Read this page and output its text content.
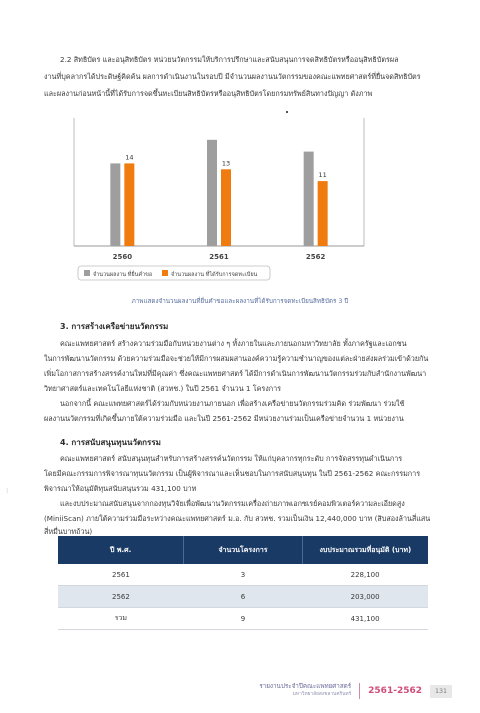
2.2 สิทธิบัตร และอนุสิทธิบัตร หน่วยนวัตกรรมให้บริการปรึกษาและสนับสนุนการจดสิทธิบัตรหรืออนุสิทธิบัตรผล

งานที่บุคลากรได้ประดิษฐ์คิดค้น ผลการดำเนินงานในรอบปี มีจำนวนผลงานนวัตกรรมของคณะแพทยศาสตร์ที่ยื่นจดสิทธิบัตร

และผลงานก่อนหน้านี้ที่ได้รับการจดขึ้นทะเบียนสิทธิบัตรหรืออนุสิทธิบัตรโดยกรมทรัพย์สินทางปัญญา ดังภาพ

14
2560
13
2561
11
2562
จำนวนผลงาน ที่ยื่นคำขอ	จำนวนผลงาน ที่ได้รับการจดทะเบียน
ภาพแสดงจำนวนผลงานที่ยื่นคำขอและผลงานที่ได้รับการจดทะเบียนสิทธิบัตร 3 ปี
3. การสร้างเครือข่ายนวัตกรรม

คณะแพทยศาสตร์ สร้างความร่วมมือกับหน่วยงานต่าง ๆ ทั้งภายในและภายนอกมหาวิทยาลัย ทั้งภาครัฐและเอกชน

ในการพัฒนานวัตกรรม ด้วยความร่วมมือจะช่วยให้มีการผสมผสานองค์ความรู้ความชำนาญของแต่ละฝ่ายส่งผลร่วมเข้าด้วยกัน

เพิ่มโอกาสการสร้างสรรค์งานใหม่ที่มีคุณค่า ซึ่งคณะแพทยศาสตร์ ได้มีการดำเนินการพัฒนานวัตกรรมร่วมกับสำนักงานพัฒนา

วิทยาศาสตร์และเทคโนโลยีแห่งชาติ (สวทช.) ในปี 2561 จำนวน 1 โครงการ

นอกจากนี้ คณะแพทยศาสตร์ได้ร่วมกับหน่วยงานภายนอก เพื่อสร้างเครือข่ายนวัตกรรมร่วมคิด ร่วมพัฒนา ร่วมใช้

ผลงานนวัตกรรมที่เกิดขึ้นภายใต้ความร่วมมือ และในปี 2561-2562 มีหน่วยงานร่วมเป็นเครือข่ายจำนวน 1 หน่วยงาน

4. การสนับสนุนทุนนวัตกรรม

คณะแพทยศาสตร์ สนับสนุนทุนสำหรับการสร้างสรรค์นวัตกรรม ให้แก่บุคลากรทุกระดับ การจัดสรรทุนดำเนินการ

โดยมีคณะกรรมการพิจารณาทุนนวัตกรรม เป็นผู้พิจารณาและเห็นชอบในการสนับสนุนทุน ในปี 2561-2562 คณะกรรมการ

พิจารณาให้อนุมัติทุนสนับสนุนรวม 431,100 บาท

และงบประมาณสนับสนุนจากกองทุนวิจัยเพื่อพัฒนานวัตกรรมเครื่องถ่ายภาพเอกซเรย์คอมพิวเตอร์ความละเอียดสูง

(MiniiScan) ภายใต้ความร่วมมือระหว่างคณะแพทยศาสตร์ ม.อ. กับ สวทช. รวมเป็นเงิน 12,440,000 บาท (สิบสองล้านสี่แสน

สี่หมื่นบาทถ้วน)

❘
ปี พ.ศ.	จำนวนโครงการ	งบประมาณรวมที่อนุมัติ (บาท)
2561	3	228,100
2562	6	203,000
รวม	9	431,100
รายงานประจำปีคณะแพทยศาสตร์
มหาวิทยาลัยสงขลานครินทร์ 2561-2562	131
